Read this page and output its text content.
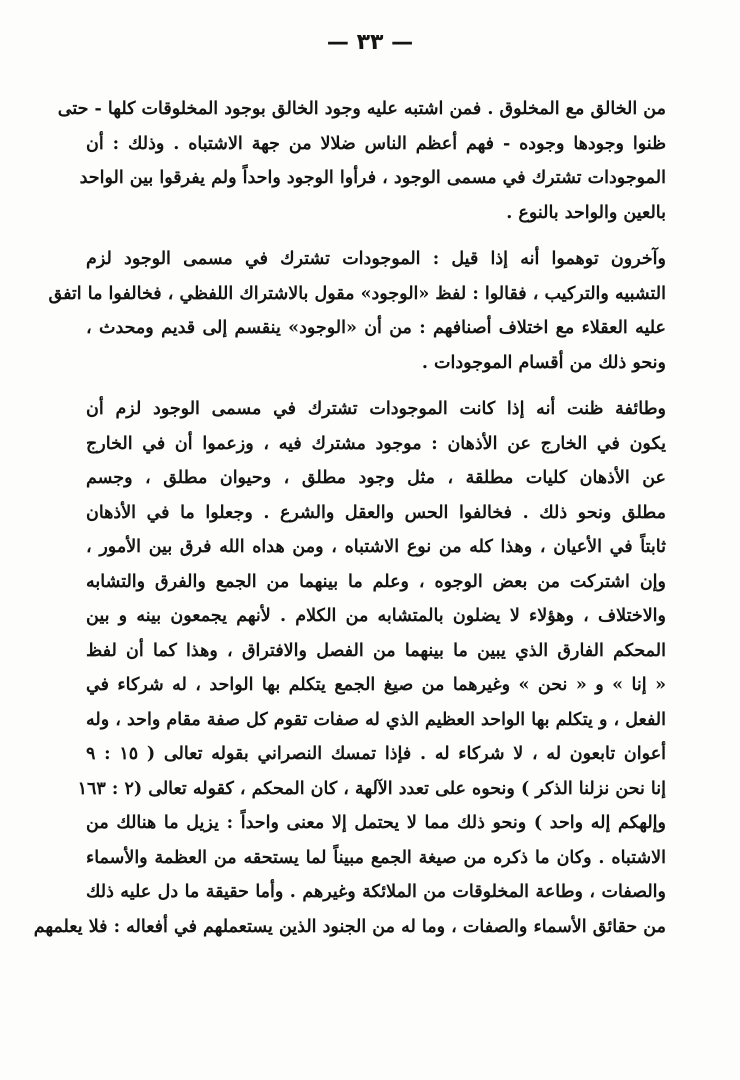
— ٣٣ —
من الخالق مع المخلوق . فمن اشتبه عليه وجود الخالق بوجود المخلوقات كلها - حتى
ظنوا وجودها وجوده - فهم أعظم الناس ضلالا من جهة الاشتباه . وذلك : أن
الموجودات تشترك في مسمى الوجود ، فرأوا الوجود واحداً ولم يفرقوا بين الواحد
بالعين والواحد بالنوع .
وآخرون توهموا أنه إذا قيل : الموجودات تشترك في مسمى الوجود لزم
التشبيه والتركيب ، فقالوا : لفظ «الوجود» مقول بالاشتراك اللفظي ، فخالفوا ما اتفق
عليه العقلاء مع اختلاف أصنافهم : من أن «الوجود» ينقسم إلى قديم ومحدث ،
ونحو ذلك من أقسام الموجودات .
وطائفة ظنت أنه إذا كانت الموجودات تشترك في مسمى الوجود لزم أن
يكون في الخارج عن الأذهان : موجود مشترك فيه ، وزعموا أن في الخارج
عن الأذهان كليات مطلقة ، مثل وجود مطلق ، وحيوان مطلق ، وجسم
مطلق ونحو ذلك . فخالفوا الحس والعقل والشرع . وجعلوا ما في الأذهان
ثابتاً في الأعيان ، وهذا كله من نوع الاشتباه ، ومن هداه الله فرق بين الأمور ،
وإن اشتركت من بعض الوجوه ، وعلم ما بينهما من الجمع والفرق والتشابه
والاختلاف ، وهؤلاء لا يضلون بالمتشابه من الكلام . لأنهم يجمعون بينه و بين
المحكم الفارق الذي يبين ما بينهما من الفصل والافتراق ، وهذا كما أن لفظ
« إنا » و « نحن » وغيرهما من صيغ الجمع يتكلم بها الواحد ، له شركاء في
الفعل ، و يتكلم بها الواحد العظيم الذي له صفات تقوم كل صفة مقام واحد ، وله
أعوان تابعون له ، لا شركاء له . فإذا تمسك النصراني بقوله تعالى ( ١٥ : ٩
إنا نحن نزلنا الذكر ) ونحوه على تعدد الآلهة ، كان المحكم ، كقوله تعالى (٢ : ١٦٣
وإلهكم إله واحد ) ونحو ذلك مما لا يحتمل إلا معنى واحداً : يزيل ما هنالك من
الاشتباه . وكان ما ذكره من صيغة الجمع مبيناً لما يستحقه من العظمة والأسماء
والصفات ، وطاعة المخلوقات من الملائكة وغيرهم . وأما حقيقة ما دل عليه ذلك
من حقائق الأسماء والصفات ، وما له من الجنود الذين يستعملهم في أفعاله : فلا يعلمهم
